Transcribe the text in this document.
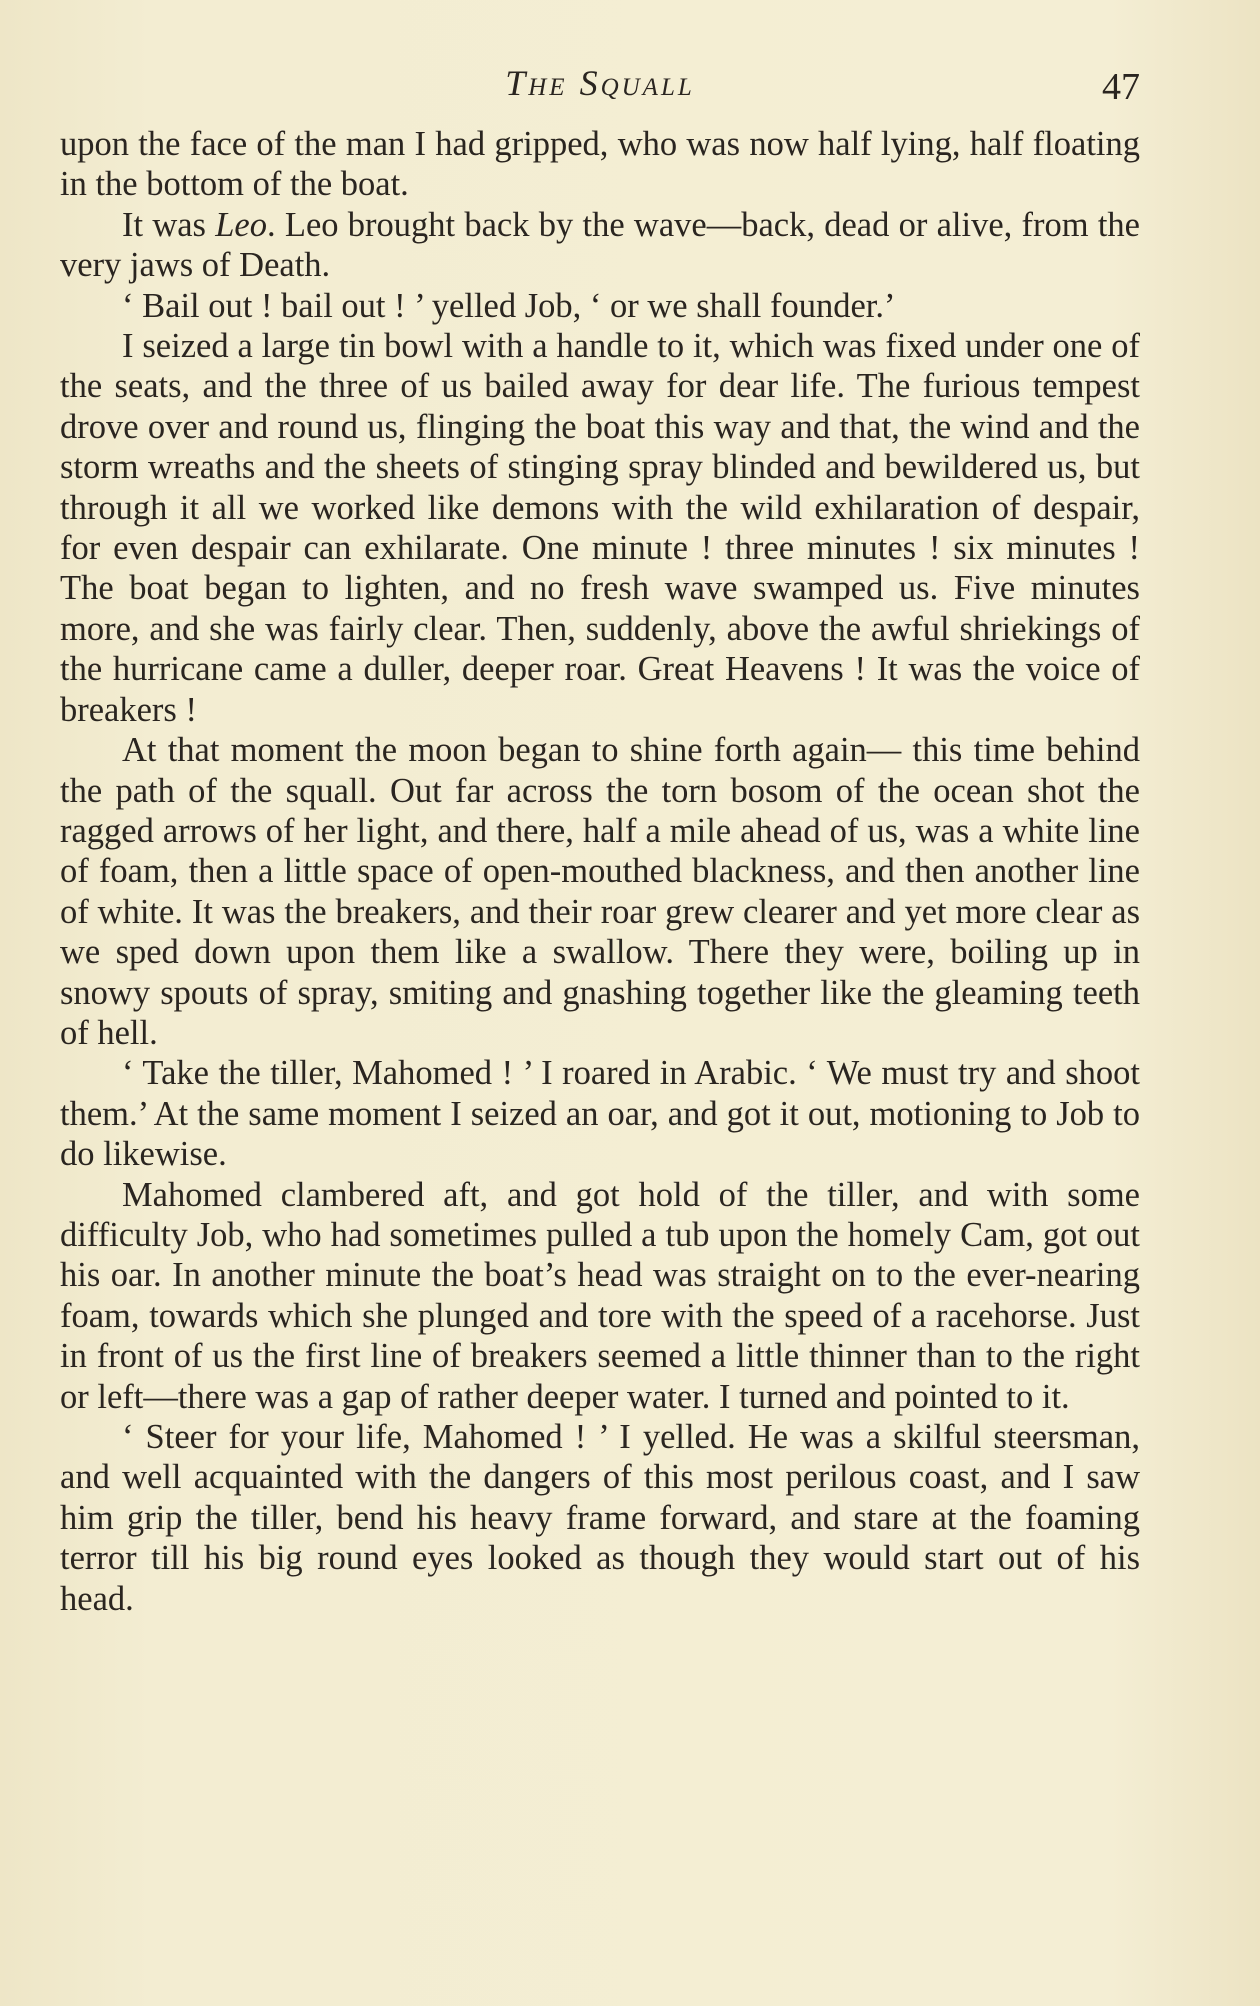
The Squall	47

upon the face of the man I had gripped, who was now half lying, half floating in the bottom of the boat.

It was Leo. Leo brought back by the wave—back, dead or alive, from the very jaws of Death.

‘ Bail out ! bail out ! ’ yelled Job, ‘ or we shall founder.’

I seized a large tin bowl with a handle to it, which was fixed under one of the seats, and the three of us bailed away for dear life. The furious tempest drove over and round us, flinging the boat this way and that, the wind and the storm wreaths and the sheets of stinging spray blinded and bewildered us, but through it all we worked like demons with the wild exhilaration of despair, for even despair can exhilarate. One minute ! three minutes ! six minutes ! The boat began to lighten, and no fresh wave swamped us. Five minutes more, and she was fairly clear. Then, suddenly, above the awful shriekings of the hurricane came a duller, deeper roar. Great Heavens ! It was the voice of breakers !

At that moment the moon began to shine forth again— this time behind the path of the squall. Out far across the torn bosom of the ocean shot the ragged arrows of her light, and there, half a mile ahead of us, was a white line of foam, then a little space of open-mouthed blackness, and then another line of white. It was the breakers, and their roar grew clearer and yet more clear as we sped down upon them like a swallow. There they were, boiling up in snowy spouts of spray, smiting and gnashing together like the gleaming teeth of hell.

‘ Take the tiller, Mahomed ! ’ I roared in Arabic. ‘ We must try and shoot them.’ At the same moment I seized an oar, and got it out, motioning to Job to do likewise.

Mahomed clambered aft, and got hold of the tiller, and with some difficulty Job, who had sometimes pulled a tub upon the homely Cam, got out his oar. In another minute the boat’s head was straight on to the ever-nearing foam, towards which she plunged and tore with the speed of a racehorse. Just in front of us the first line of breakers seemed a little thinner than to the right or left—there was a gap of rather deeper water. I turned and pointed to it.

‘ Steer for your life, Mahomed ! ’ I yelled. He was a skilful steersman, and well acquainted with the dangers of this most perilous coast, and I saw him grip the tiller, bend his heavy frame forward, and stare at the foaming terror till his big round eyes looked as though they would start out of his head.
